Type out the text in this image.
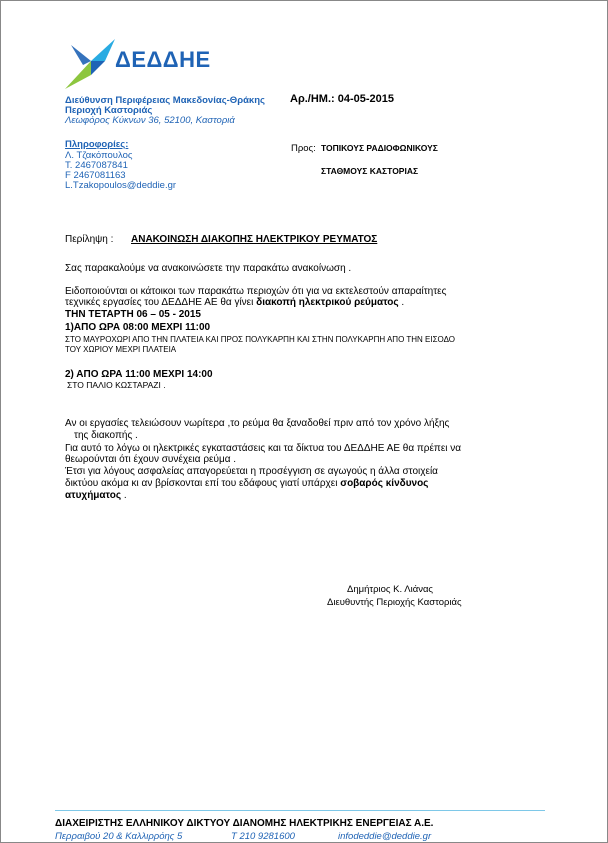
ΔΕΔΔΗΕ
Διεύθυνση Περιφέρειας Μακεδονίας-Θράκης Αρ./ΗΜ.: 04-05-2015
Περιοχή Καστοριάς
Λεωφόρος Κύκνων 36, 52100, Καστοριά
Πληροφορίες:
Λ. Τζακόπουλος
Τ. 2467087841
F 2467081163
L.Tzakopoulos@deddie.gr
Προς: ΤΟΠΙΚΟΥΣ ΡΑΔΙΟΦΩΝΙΚΟΥΣ
ΣΤΑΘΜΟΥΣ ΚΑΣΤΟΡΙΑΣ
Περίληψη : ΑΝΑΚΟΙΝΩΣΗ ΔΙΑΚΟΠΗΣ ΗΛΕΚΤΡΙΚΟΥ ΡΕΥΜΑΤΟΣ
Σας παρακαλούμε να ανακοινώσετε την παρακάτω ανακοίνωση .
Ειδοποιούνται οι κάτοικοι των παρακάτω περιοχών ότι για να εκτελεστούν απαραίτητες
τεχνικές εργασίες του ΔΕΔΔΗΕ ΑΕ θα γίνει διακοπή ηλεκτρικού ρεύματος .
ΤΗΝ ΤΕΤΑΡΤΗ 06 – 05 - 2015
1)ΑΠΟ ΩΡΑ 08:00 ΜΕΧΡΙ 11:00
ΣΤΟ ΜΑΥΡΟΧΩΡΙ ΑΠΟ ΤΗΝ ΠΛΑΤΕΙΑ ΚΑΙ ΠΡΟΣ ΠΟΛΥΚΑΡΠΗ ΚΑΙ ΣΤΗΝ ΠΟΛΥΚΑΡΠΗ ΑΠΟ ΤΗΝ ΕΙΣΟΔΟ
ΤΟΥ ΧΩΡΙΟΥ ΜΕΧΡΙ ΠΛΑΤΕΙΑ
2) ΑΠΟ ΩΡΑ 11:00 ΜΕΧΡΙ 14:00
ΣΤΟ ΠΑΛΙΟ ΚΩΣΤΑΡΑΖΙ .
Αν οι εργασίες τελειώσουν νωρίτερα ,το ρεύμα θα ξαναδοθεί πριν από τον χρόνο λήξης
της διακοπής .
Για αυτό το λόγω οι ηλεκτρικές εγκαταστάσεις και τα δίκτυα του ΔΕΔΔΗΕ ΑΕ θα πρέπει να
θεωρούνται ότι έχουν συνέχεια ρεύμα .
Έτσι για λόγους ασφαλείας απαγορεύεται η προσέγγιση σε αγωγούς η άλλα στοιχεία
δικτύου ακόμα κι αν βρίσκονται επί του εδάφους γιατί υπάρχει σοβαρός κίνδυνος
ατυχήματος .
Δημήτριος Κ. Λιάνας
Διευθυντής Περιοχής Καστοριάς
ΔΙΑΧΕΙΡΙΣΤΗΣ ΕΛΛΗΝΙΚΟΥ ΔΙΚΤΥΟΥ ΔΙΑΝΟΜΗΣ ΗΛΕΚΤΡΙΚΗΣ ΕΝΕΡΓΕΙΑΣ Α.Ε.
Περραιβού 20 & Καλλιρρόης 5	Τ 210 9281600	infodeddie@deddie.gr
